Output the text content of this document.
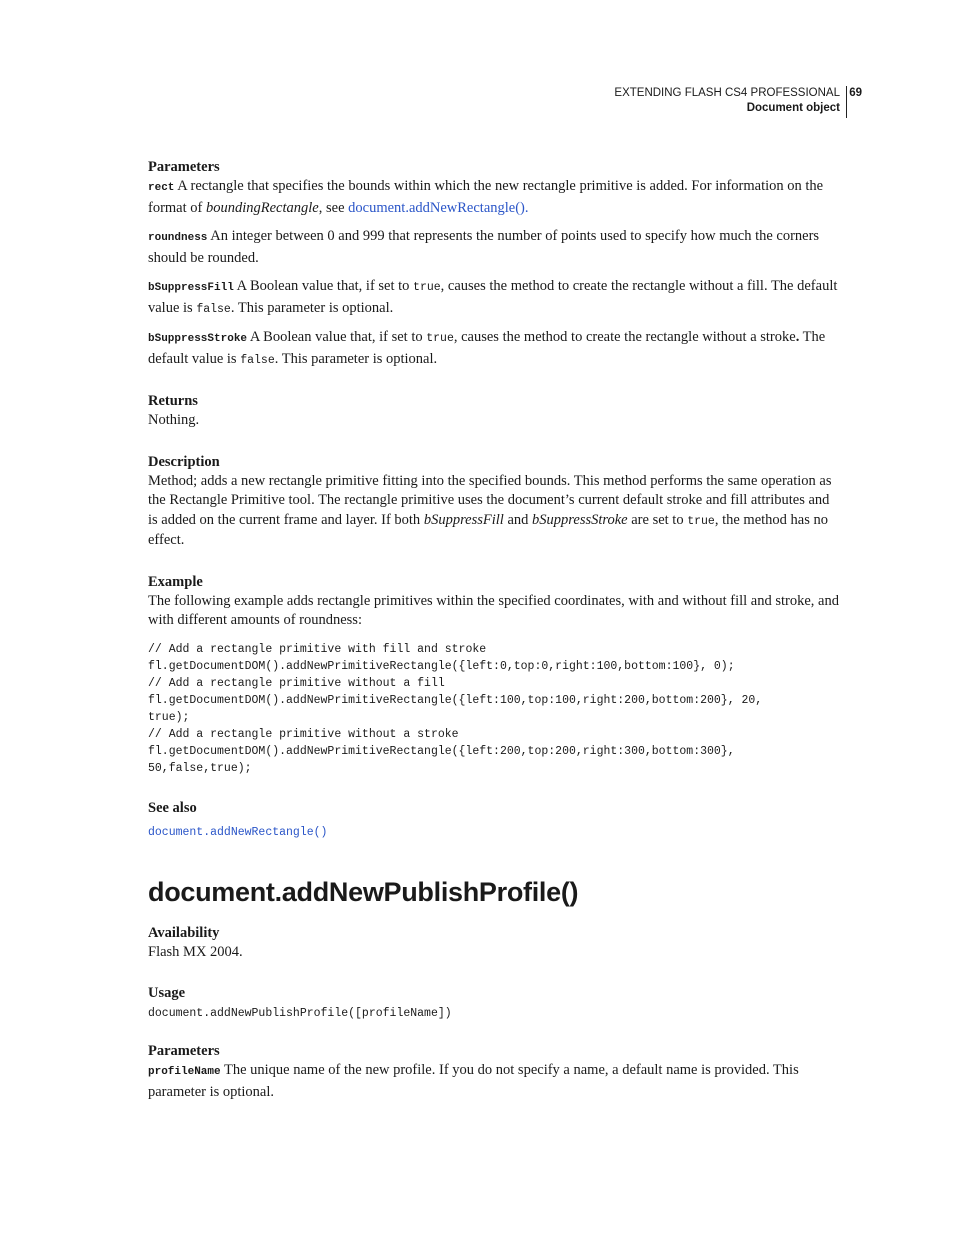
EXTENDING FLASH CS4 PROFESSIONAL
Document object
69
Parameters

rect A rectangle that specifies the bounds within which the new rectangle primitive is added. For information on the format of boundingRectangle, see document.addNewRectangle().

roundness An integer between 0 and 999 that represents the number of points used to specify how much the corners should be rounded.

bSuppressFill A Boolean value that, if set to true, causes the method to create the rectangle without a fill. The default value is false. This parameter is optional.

bSuppressStroke A Boolean value that, if set to true, causes the method to create the rectangle without a stroke. The default value is false. This parameter is optional.

Returns

Nothing.

Description

Method; adds a new rectangle primitive fitting into the specified bounds. This method performs the same operation as the Rectangle Primitive tool. The rectangle primitive uses the document’s current default stroke and fill attributes and is added on the current frame and layer. If both bSuppressFill and bSuppressStroke are set to true, the method has no effect.

Example

The following example adds rectangle primitives within the specified coordinates, with and without fill and stroke, and with different amounts of roundness:

// Add a rectangle primitive with fill and stroke
fl.getDocumentDOM().addNewPrimitiveRectangle({left:0,top:0,right:100,bottom:100}, 0);
// Add a rectangle primitive without a fill
fl.getDocumentDOM().addNewPrimitiveRectangle({left:100,top:100,right:200,bottom:200}, 20,
true);
// Add a rectangle primitive without a stroke
fl.getDocumentDOM().addNewPrimitiveRectangle({left:200,top:200,right:300,bottom:300},
50,false,true);
See also
document.addNewRectangle()
document.addNewPublishProfile()
Availability

Flash MX 2004.

Usage
document.addNewPublishProfile([profileName])
Parameters

profileName The unique name of the new profile. If you do not specify a name, a default name is provided. This parameter is optional.
